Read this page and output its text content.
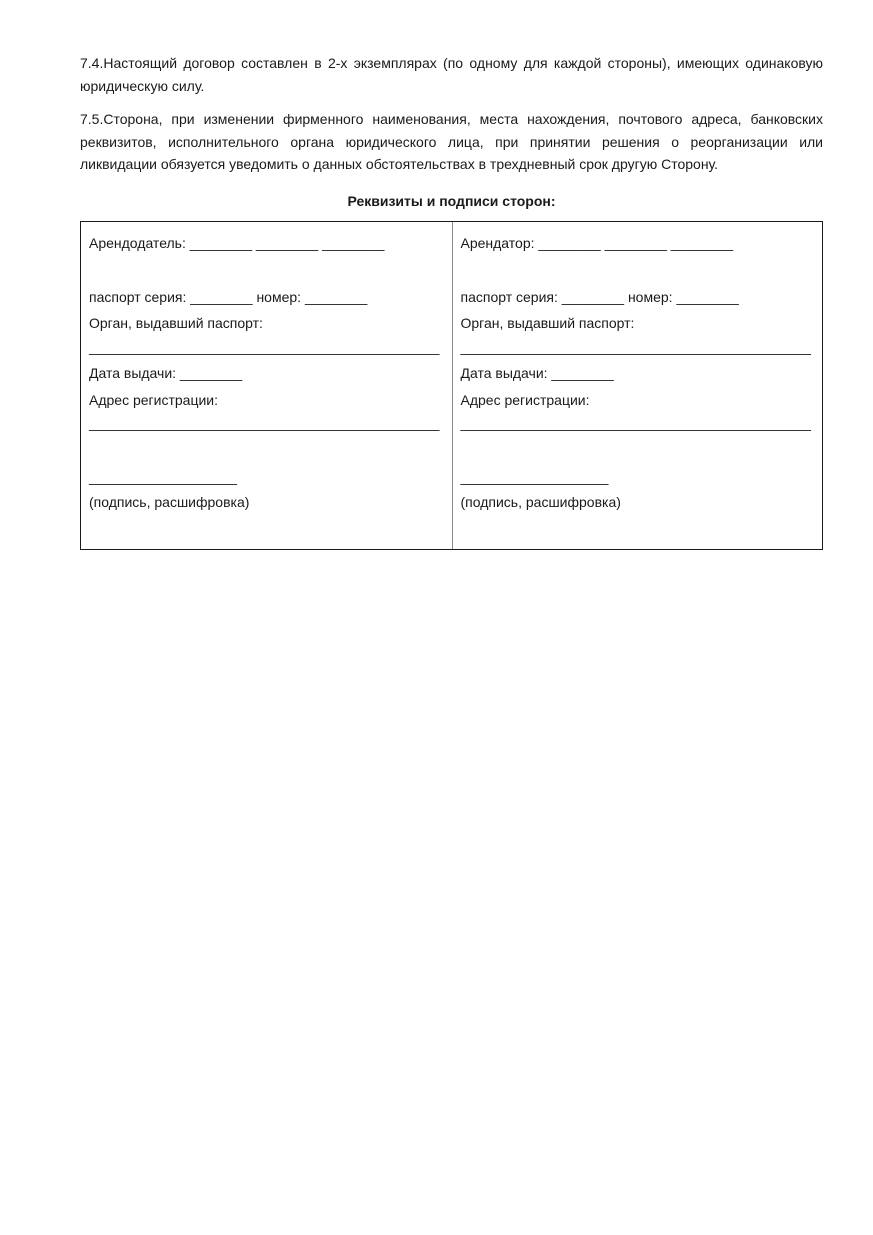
7.4.Настоящий договор составлен в 2-х экземплярах (по одному для каждой стороны), имеющих одинаковую юридическую силу.

7.5.Сторона, при изменении фирменного наименования, места нахождения, почтового адреса, банковских реквизитов, исполнительного органа юридического лица, при принятии решения о реорганизации или ликвидации обязуется уведомить о данных обстоятельствах в трехдневный срок другую Сторону.

Реквизиты и подписи сторон:
Арендодатель: ________ ________ ________
паспорт серия: ________ номер: ________
Орган, выдавший паспорт:
_____________________________________________
Дата выдачи: ________
Адрес регистрации:
_____________________________________________
___________________
(подпись, расшифровка)
Арендатор: ________ ________ ________
паспорт серия: ________ номер: ________
Орган, выдавший паспорт:
_____________________________________________
Дата выдачи: ________
Адрес регистрации:
_____________________________________________
___________________
(подпись, расшифровка)
